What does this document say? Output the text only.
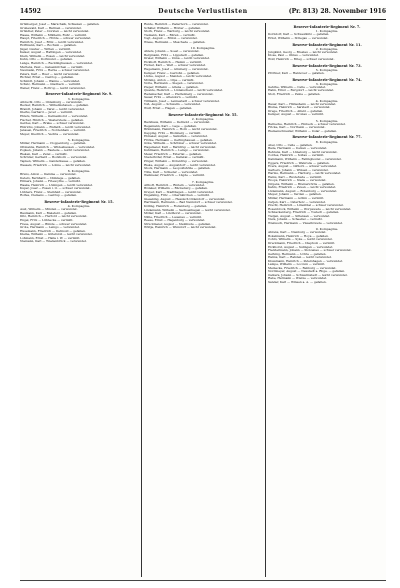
14592	Deutsche Verlustlisten	(Pr. 813) 28. November 1916
Grünberger, Josef — Marschalk, Schlesien — gefallen.
Grunewald, Karl — Barmen — verwundet.
Gründler, Peter — Dorsten — leicht verwundet.
Haase, Wilhelm — Mülheim, Ruhr — vermißt.
Haupt, Friedrich — Hörde — schwer verwundet.
Heinrich, Josef — Brüx — leicht verwundet.
Hoffmann, Karl — Bochum — gefallen.
Jäger, Gustav — Witten — vermißt.
Kaiser, August — Hattingen — verwundet.
Klein, Wilhelm — Essen — leicht verwundet.
Kuhn, Otto — Dortmund — gefallen.
Lange, Heinrich — Recklinghausen — verwundet.
Mertens, Paul — Gelsenkirchen — vermißt.
Neumann, Fritz — Herne — schwer verwundet.
Peters, Karl — Buer — leicht verwundet.
Richter, Ernst — Castrop — gefallen.
Schmidt, Johann — Wanne — verwundet.
Schulz, Hermann — Gladbeck — vermißt.
Weber, Franz — Bottrop — leicht verwundet.
Reserve-Infanterie-Regiment Nr. 9.
3. Kompagnie.
Albrecht, Otto — Oldenburg — verwundet.
Becker, Heinrich — Wilhelmshaven — gefallen.
Brandt, Johann — Varel — leicht verwundet.
Dierks, Gerhard — Jever — vermißt.
Ehlers, Wilhelm — Delmenhorst — verwundet.
Fischer, Hinrich — Westerstede — gefallen.
Gerdes, Karl — Brake — schwer verwundet.
Hinrichs, Johann — Elsfleth — leicht verwundet.
Janssen, Friedrich — Nordenham — vermißt.
Meyer, Diedrich — Vechta — verwundet.
5. Kompagnie.
Müller, Hermann — Cloppenburg — gefallen.
Oltmanns, Heinrich — Wildeshausen — verwundet.
Popken, Johann — Rastede — leicht verwundet.
Rieken, Karl — Zetel — vermißt.
Schröder, Gerhard — Bockhorn — verwundet.
Tapken, Wilhelm — Ganderkesee — gefallen.
Wessels, Friedrich — Lohne — leicht verwundet.
6. Kompagnie.
Bruns, Anton — Damme — verwundet.
Deters, Bernhard — Dinklage — gefallen.
Ellmers, Johann — Friesoythe — vermißt.
Haake, Heinrich — Löningen — leicht verwundet.
Kuper, Josef — Essen i. O. — schwer verwundet.
Lübbers, Franz — Steinfeld — verwundet.
Rolfes, Clemens — Lastrup — gefallen.
Reserve-Infanterie-Regiment Nr. 15.
4. Kompagnie.
Aust, Wilhelm — Minden — verwundet.
Baumann, Karl — Bielefeld — gefallen.
Ditz, Heinrich — Herford — leicht verwundet.
Engel, Fritz — Lübbecke — vermißt.
Frese, August — Bünde — schwer verwundet.
Grote, Hermann — Lemgo — verwundet.
Husemann, Friedrich — Detmold — gefallen.
Kleine, Wilhelm — Gütersloh — leicht verwundet.
Lohmann, Ernst — Halle i. W. — vermißt.
Niemann, Karl — Wiedenbrück — verwundet.
Runte, Heinrich — Paderborn — verwundet.
Schäfer, Wilhelm — Höxter — gefallen.
Stork, Franz — Warburg — leicht verwundet.
Tiemann, Karl — Büren — vermißt.
Vogt, August — Brilon — verwundet.
Wiese, Hermann — Meschede — gefallen.
10. Kompagnie.
Ahlers, Johann — Soest — verwundet.
Bergmann, Fritz — Lippstadt — gefallen.
Dreier, Wilhelm — Unna — leicht verwundet.
Eickhoff, Heinrich — Hamm — vermißt.
Föcker, Karl — Werl — schwer verwundet.
Hegemann, Josef — Arnsberg — verwundet.
Kemper, Franz — Iserlohn — gefallen.
Lücke, August — Menden — leicht verwundet.
Mönnig, Anton — Olpe — vermißt.
Nolte, Hermann — Siegen — verwundet.
Pieper, Wilhelm — Altena — gefallen.
Quante, Heinrich — Lüdenscheid — leicht verwundet.
Rademacher, Karl — Plettenberg — verwundet.
Sauer, Fritz — Attendorn — vermißt.
Tillmann, Josef — Lennestadt — schwer verwundet.
Voß, August — Schwelm — verwundet.
Wulf, Ernst — Hagen — gefallen.
Reserve-Infanterie-Regiment Nr. 55.
2. Kompagnie.
Backhaus, Wilhelm — Detmold — verwundet.
Begemann, Karl — Lage — gefallen.
Brinkmann, Heinrich — Horn — leicht verwundet.
Depping, Fritz — Blomberg — vermißt.
Ebmeier, August — Salzuflen — verwundet.
Flörke, Hermann — Oerlinghausen — gefallen.
Göke, Wilhelm — Schötmar — schwer verwundet.
Hagemeier, Karl — Barntrup — leicht verwundet.
Kuhlmann, Heinrich — Lemgo — verwundet.
Meier, Friedrich — Extertal — gefallen.
Niederhöfer, Ernst — Kalletal — vermißt.
Plöger, Wilhelm — Dörentrup — verwundet.
Rieke, August — Augustdorf — leicht verwundet.
Stock, Hermann — Leopoldshöhe — gefallen.
Tölle, Karl — Schieder — verwundet.
Wehmeier, Friedrich — Lügde — vermißt.
7. Kompagnie.
Althoff, Heinrich — Rinteln — verwundet.
Bödeker, Wilhelm — Bückeburg — gefallen.
Dreyer, Karl — Stadthagen — leicht verwundet.
Engelking, Fritz — Obernkirchen — vermißt.
Gieseking, August — Hessisch Oldendorf — verwundet.
Hartmann, Hermann — Bad Nenndorf — schwer verwundet.
Kölling, Heinrich — Rodenberg — gefallen.
Lindemann, Wilhelm — Sachsenhagen — leicht verwundet.
Möller, Karl — Lindhorst — verwundet.
Nülle, Friedrich — Lauenau — vermißt.
Reese, Ernst — Hagenburg — verwundet.
Struckmeier, August — Steinhude — gefallen.
Wöltje, Heinrich — Wunstorf — leicht verwundet.
Reserve-Infanterie-Regiment Nr. 7.
1. Kompagnie.
Dorndorf, Karl — Schweidnitz — gefallen.
Ernst, Wilhelm — Striegau — verwundet.
Reserve-Infanterie-Regiment Nr. 11.
2. Kompagnie.
Jungkind, Georg — Breslau — leicht verwundet.
Klose, Paul — Ohlau — verwundet.
Wolf, Heinrich — Brieg — schwer verwundet.
Reserve-Infanterie-Regiment Nr. 73.
5. Kompagnie.
Pförtner, Karl — Hannover — gefallen.
Reserve-Infanterie-Regiment Nr. 74.
3. Kompagnie.
Gehrke, Wilhelm — Celle — verwundet.
Hahn, Ernst — Burgdorf — leicht verwundet.
Stoll, Friedrich — Peine — gefallen.
4. Kompagnie.
Bauer, Karl — Hildesheim — leicht verwundet.
Blume, Heinrich — Sarstedt — verwundet.
Drege, Friedrich — Alfeld — gefallen.
Kemper, August — Gronau — vermißt.
5. Kompagnie.
Barnecke, Heinrich — Einbeck — schwer verwundet.
Fricke, Karl — Northeim — verwundet.
Riemenschneider, Wilhelm — Uslar — gefallen.
Reserve-Infanterie-Regiment Nr. 77.
8. Kompagnie.
Abel, Otto — Celle — gefallen.
Bade, Hermann — Uelzen — verwundet.
Behrens, Karl — Lüneburg — leicht verwundet.
Cordes, Heinrich — Soltau — vermißt.
Dammann, Wilhelm — Fallingbostel — verwundet.
Eggers, Friedrich — Walsrode — gefallen.
Evers, August — Gifhorn — schwer verwundet.
Garbers, Johann — Winsen — verwundet.
Harms, Hermann — Harburg — leicht verwundet.
Heins, Karl — Buxtehude — vermißt.
Hoops, Heinrich — Stade — verwundet.
Jürgens, Wilhelm — Bremervörde — gefallen.
Kahrs, Friedrich — Zeven — leicht verwundet.
Lüdemann, August — Rotenburg — verwundet.
Meyer, Johann — Verden — gefallen.
Müller, Hermann — Achim — vermißt.
Oetjen, Karl — Osterholz — verwundet.
Precht, Heinrich — Lilienthal — schwer verwundet.
Rosenbrock, Wilhelm — Worpswede — leicht verwundet.
Schnackenberg, Friedrich — Tostedt — gefallen.
Tietjen, August — Sittensen — verwundet.
Viets, Johann — Scheeßel — vermißt.
Wiebusch, Hermann — Visselhövede — verwundet.
9. Kompagnie.
Ahrens, Karl — Nienburg — verwundet.
Bokelmann, Heinrich — Hoya — gefallen.
Cohrs, Wilhelm — Syke — leicht verwundet.
Dreckmann, Friedrich — Diepholz — vermißt.
Eickhorst, August — Sulingen — verwundet.
Fleddermann, Johann — Stolzenau — schwer verwundet.
Gerking, Hermann — Uchte — gefallen.
Helms, Karl — Rahden — leicht verwundet.
Klussmann, Heinrich — Petershagen — verwundet.
Lampe, Wilhelm — Loccum — vermißt.
Meinecke, Friedrich — Rehburg — verwundet.
Nordmeyer, August — Neustadt a. Rbge. — gefallen.
Oelkers, Johann — Schwarmstedt — leicht verwundet.
Rabe, Hermann — Wietze — verwundet.
Sander, Karl — Winsen a. A. — gefallen.
